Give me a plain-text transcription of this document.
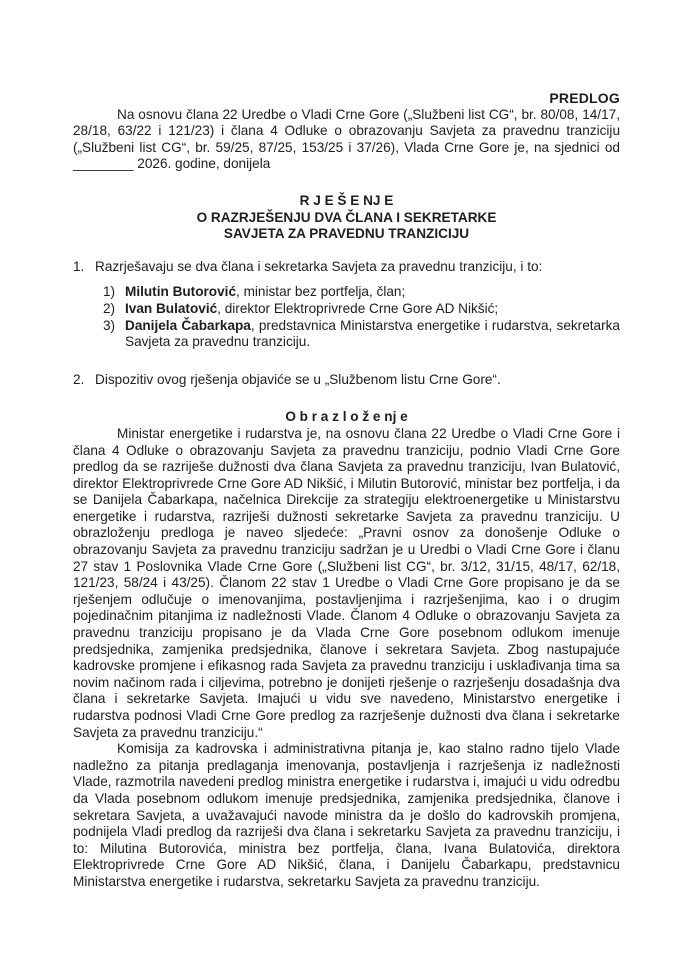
PREDLOG

Na osnovu člana 22 Uredbe o Vladi Crne Gore („Službeni list CG“, br. 80/08, 14/17, 28/18, 63/22 i 121/23) i člana 4 Odluke o obrazovanju Savjeta za pravednu tranziciju („Službeni list CG“, br. 59/25, 87/25, 153/25 i 37/26), Vlada Crne Gore je, na sjednici od ________ 2026. godine, donijela

R J E Š E NJ E
O RAZRJEŠENJU DVA ČLANA I SEKRETARKE
SAVJETA ZA PRAVEDNU TRANZICIJU
1. Razrješavaju se dva člana i sekretarka Savjeta za pravednu tranziciju, i to:
1) Milutin Butorović, ministar bez portfelja, član;
2) Ivan Bulatović, direktor Elektroprivrede Crne Gore AD Nikšić;
3) Danijela Čabarkapa, predstavnica Ministarstva energetike i rudarstva, sekretarka Savjeta za pravednu tranziciju.
2. Dispozitiv ovog rješenja objaviće se u „Službenom listu Crne Gore“.
O b r a z l o ž e nj e

Ministar energetike i rudarstva je, na osnovu člana 22 Uredbe o Vladi Crne Gore i člana 4 Odluke o obrazovanju Savjeta za pravednu tranziciju, podnio Vladi Crne Gore predlog da se razriješe dužnosti dva člana Savjeta za pravednu tranziciju, Ivan Bulatović, direktor Elektroprivrede Crne Gore AD Nikšić, i Milutin Butorović, ministar bez portfelja, i da se Danijela Čabarkapa, načelnica Direkcije za strategiju elektroenergetike u Ministarstvu energetike i rudarstva, razriješi dužnosti sekretarke Savjeta za pravednu tranziciju. U obrazloženju predloga je naveo sljedeće: „Pravni osnov za donošenje Odluke o obrazovanju Savjeta za pravednu tranziciju sadržan je u Uredbi o Vladi Crne Gore i članu 27 stav 1 Poslovnika Vlade Crne Gore („Službeni list CG“, br. 3/12, 31/15, 48/17, 62/18, 121/23, 58/24 i 43/25). Članom 22 stav 1 Uredbe o Vladi Crne Gore propisano je da se rješenjem odlučuje o imenovanjima, postavljenjima i razrješenjima, kao i o drugim pojedinačnim pitanjima iz nadležnosti Vlade. Članom 4 Odluke o obrazovanju Savjeta za pravednu tranziciju propisano je da Vlada Crne Gore posebnom odlukom imenuje predsjednika, zamjenika predsjednika, članove i sekretara Savjeta. Zbog nastupajuće kadrovske promjene i efikasnog rada Savjeta za pravednu tranziciju i usklađivanja tima sa novim načinom rada i ciljevima, potrebno je donijeti rješenje o razrješenju dosadašnja dva člana i sekretarke Savjeta. Imajući u vidu sve navedeno, Ministarstvo energetike i rudarstva podnosi Vladi Crne Gore predlog za razrješenje dužnosti dva člana i sekretarke Savjeta za pravednu tranziciju.“

Komisija za kadrovska i administrativna pitanja je, kao stalno radno tijelo Vlade nadležno za pitanja predlaganja imenovanja, postavljenja i razrješenja iz nadležnosti Vlade, razmotrila navedeni predlog ministra energetike i rudarstva i, imajući u vidu odredbu da Vlada posebnom odlukom imenuje predsjednika, zamjenika predsjednika, članove i sekretara Savjeta, a uvažavajući navode ministra da je došlo do kadrovskih promjena, podnijela Vladi predlog da razriješi dva člana i sekretarku Savjeta za pravednu tranziciju, i to: Milutina Butorovića, ministra bez portfelja, člana, Ivana Bulatovića, direktora Elektroprivrede Crne Gore AD Nikšić, člana, i Danijelu Čabarkapu, predstavnicu Ministarstva energetike i rudarstva, sekretarku Savjeta za pravednu tranziciju.
